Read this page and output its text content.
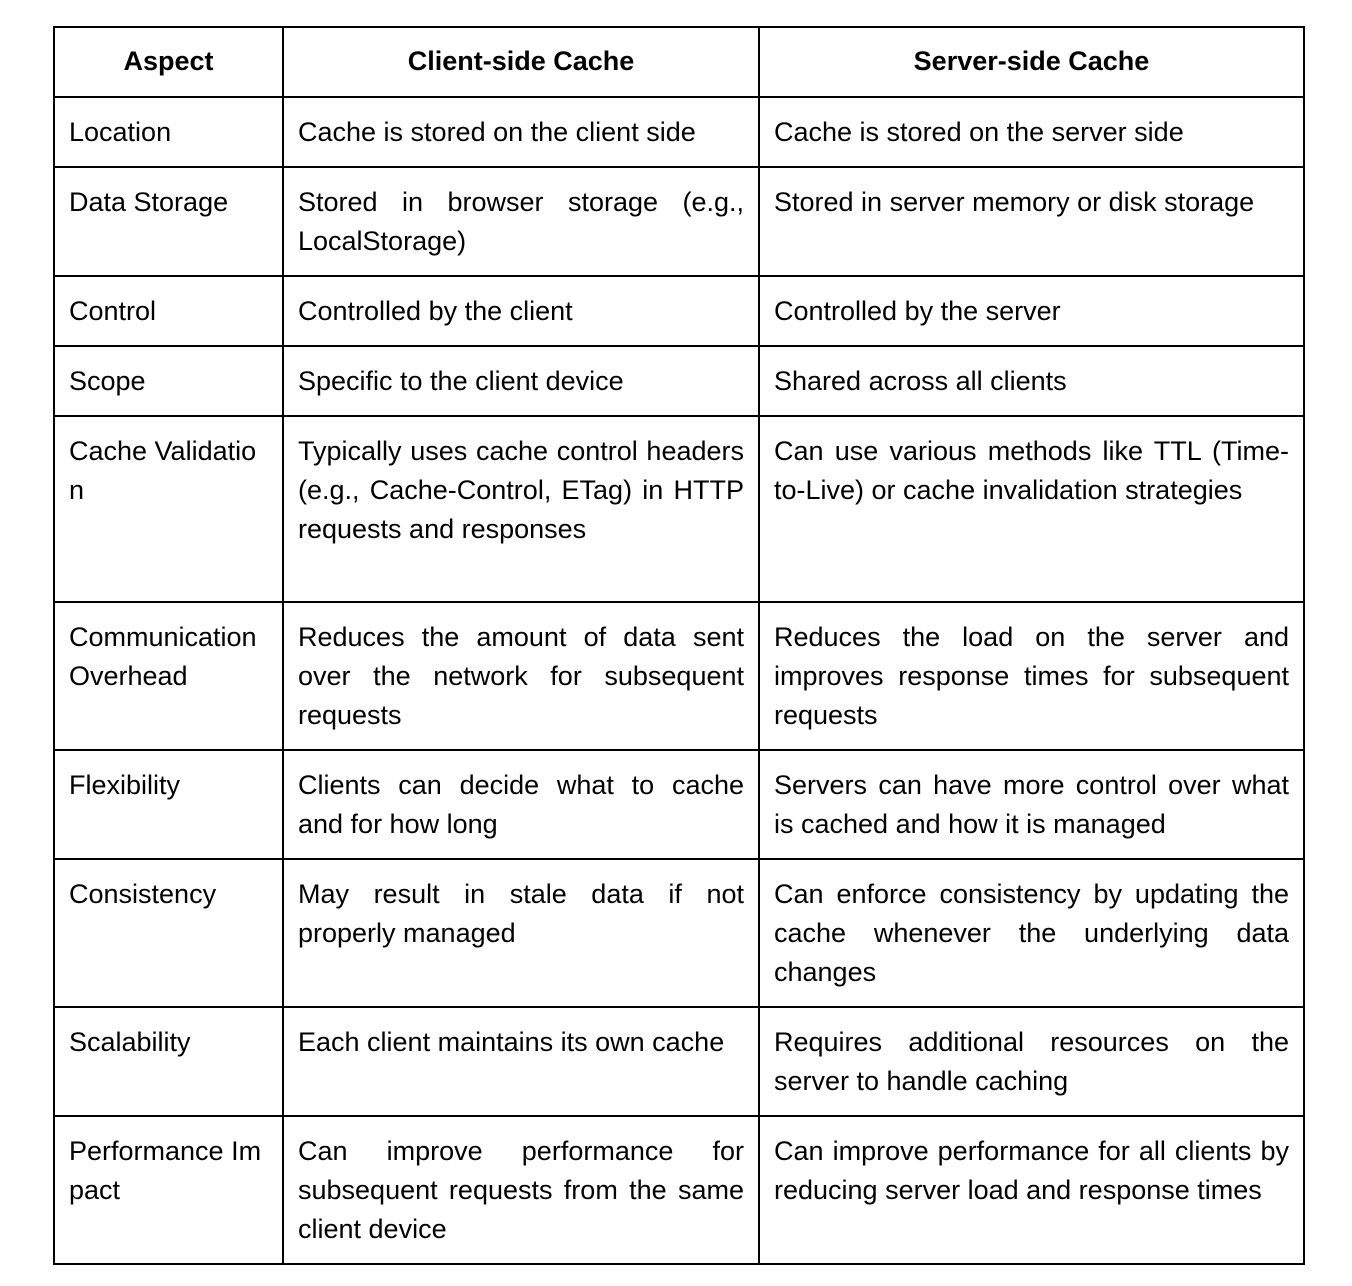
Aspect	Client-side Cache	Server-side Cache
Location	Cache is stored on the client side	Cache is stored on the server side
Data Storage	Stored in browser storage (e.g., LocalStorage)	Stored in server memory or disk storage
Control	Controlled by the client	Controlled by the server
Scope	Specific to the client device	Shared across all clients
Cache Validation	Typically uses cache control headers (e.g., Cache-Control, ETag) in HTTP requests and responses	Can use various methods like TTL (Time-to-Live) or cache invalidation strategies
Communication Overhead	Reduces the amount of data sent over the network for subsequent requests	Reduces the load on the server and improves response times for subsequent requests
Flexibility	Clients can decide what to cache and for how long	Servers can have more control over what is cached and how it is managed
Consistency	May result in stale data if not properly managed	Can enforce consistency by updating the cache whenever the underlying data changes
Scalability	Each client maintains its own cache	Requires additional resources on the server to handle caching
Performance Impact	Can improve performance for subsequent requests from the same client device	Can improve performance for all clients by reducing server load and response times
